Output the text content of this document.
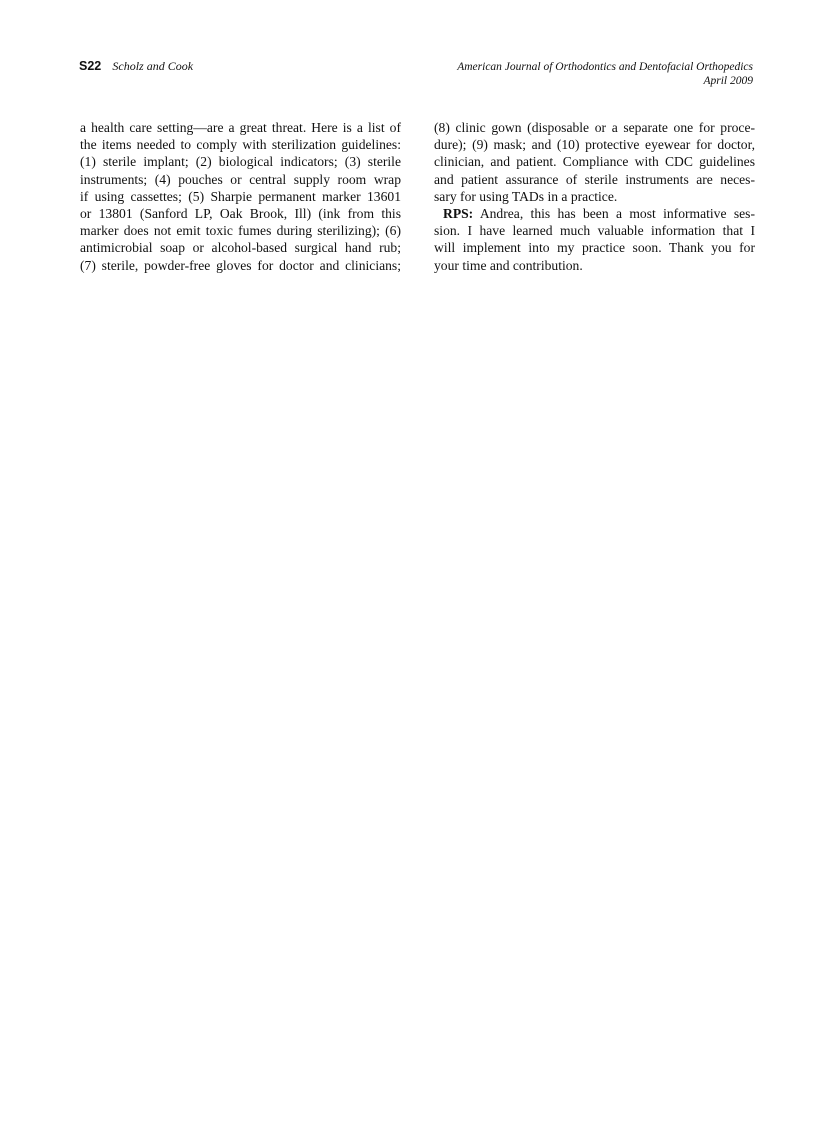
S22 Scholz and Cook	American Journal of Orthodontics and Dentofacial Orthopedics
April 2009
a health care setting—are a great threat. Here is a list of
the items needed to comply with sterilization guidelines:
(1) sterile implant; (2) biological indicators; (3) sterile
instruments; (4) pouches or central supply room wrap
if using cassettes; (5) Sharpie permanent marker 13601
or 13801 (Sanford LP, Oak Brook, Ill) (ink from this
marker does not emit toxic fumes during sterilizing); (6)
antimicrobial soap or alcohol-based surgical hand rub;
(7) sterile, powder-free gloves for doctor and clinicians;
(8) clinic gown (disposable or a separate one for proce-
dure); (9) mask; and (10) protective eyewear for doctor,
clinician, and patient. Compliance with CDC guidelines
and patient assurance of sterile instruments are neces-
sary for using TADs in a practice.
RPS: Andrea, this has been a most informative ses-
sion. I have learned much valuable information that I
will implement into my practice soon. Thank you for
your time and contribution.
